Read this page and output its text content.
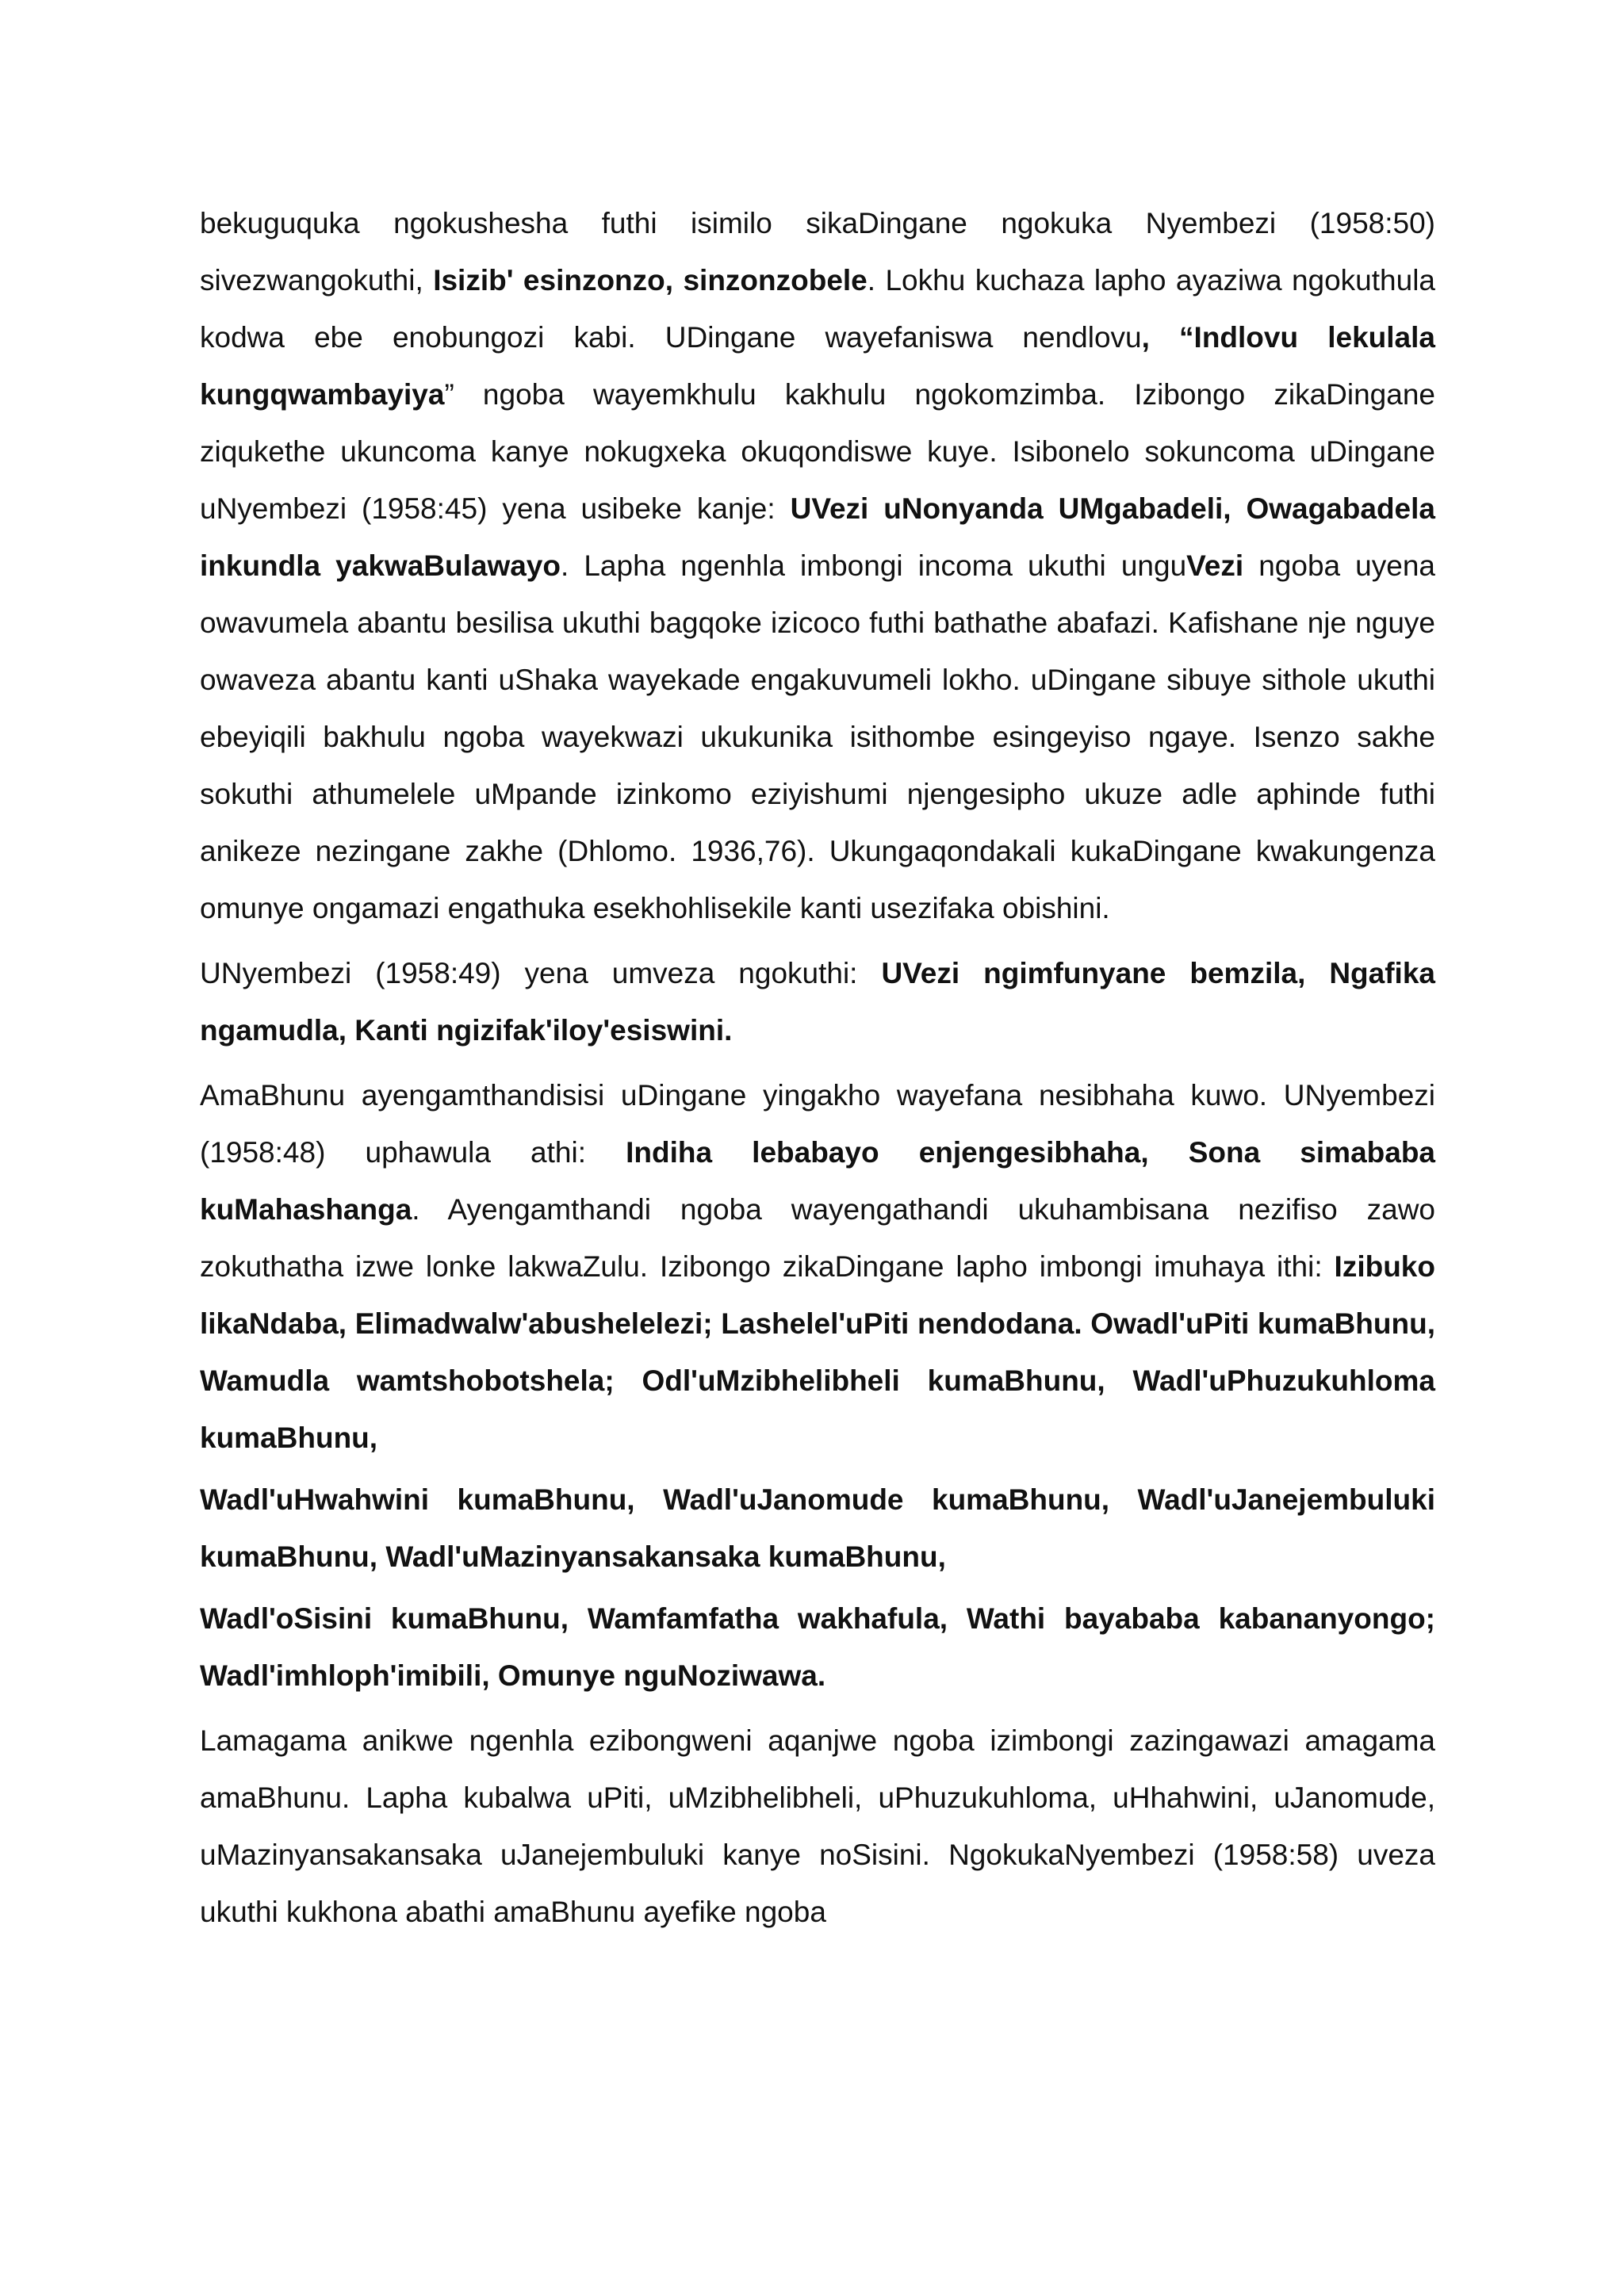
bekuguquka ngokushesha futhi isimilo sikaDingane ngokuka Nyembezi (1958:50) sivezwangokuthi, Isizib' esinzonzo, sinzonzobele. Lokhu kuchaza lapho ayaziwa ngokuthula kodwa ebe enobungozi kabi. UDingane wayefaniswa nendlovu, “Indlovu lekulala kungqwambayiya” ngoba wayemkhulu kakhulu ngokomzimba. Izibongo zikaDingane ziqukethe ukuncoma kanye nokugxeka okuqondiswe kuye. Isibonelo sokuncoma uDingane uNyembezi (1958:45) yena usibeke kanje: UVezi uNonyanda UMgabadeli, Owagabadela inkundla yakwaBulawayo. Lapha ngenhla imbongi incoma ukuthi unguVezi ngoba uyena owavumela abantu besilisa ukuthi bagqoke izicoco futhi bathathe abafazi. Kafishane nje nguye owaveza abantu kanti uShaka wayekade engakuvumeli lokho. uDingane sibuye sithole ukuthi ebeyiqili bakhulu ngoba wayekwazi ukukunika isithombe esingeyiso ngaye. Isenzo sakhe sokuthi athumelele uMpande izinkomo eziyishumi njengesipho ukuze adle aphinde futhi anikeze nezingane zakhe (Dhlomo. 1936,76). Ukungaqondakali kukaDingane kwakungenza omunye ongamazi engathuka esekhohlisekile kanti usezifaka obishini.

UNyembezi (1958:49) yena umveza ngokuthi: UVezi ngimfunyane bemzila, Ngafika ngamudla, Kanti ngizifak'iloy'esiswini.

AmaBhunu ayengamthandisisi uDingane yingakho wayefana nesibhaha kuwo. UNyembezi (1958:48) uphawula athi: Indiha lebabayo enjengesibhaha, Sona simababa kuMahashanga. Ayengamthandi ngoba wayengathandi ukuhambisana nezifiso zawo zokuthatha izwe lonke lakwaZulu. Izibongo zikaDingane lapho imbongi imuhaya ithi: Izibuko likaNdaba, Elimadwalw'abushelelezi; Lashelel'uPiti nendodana. Owadl'uPiti kumaBhunu, Wamudla wamtshobotshela; Odl'uMzibhelibheli kumaBhunu, Wadl'uPhuzukuhloma kumaBhunu,

Wadl'uHwahwini kumaBhunu, Wadl'uJanomude kumaBhunu, Wadl'uJanejembuluki kumaBhunu, Wadl'uMazinyansakansaka kumaBhunu,

Wadl'oSisini kumaBhunu, Wamfamfatha wakhafula, Wathi bayababa kabananyongo; Wadl'imhloph'imibili, Omunye nguNoziwawa.

Lamagama anikwe ngenhla ezibongweni aqanjwe ngoba izimbongi zazingawazi amagama amaBhunu. Lapha kubalwa uPiti, uMzibhelibheli, uPhuzukuhloma, uHhahwini, uJanomude, uMazinyansakansaka uJanejembuluki kanye noSisini. NgokukaNyembezi (1958:58) uveza ukuthi kukhona abathi amaBhunu ayefike ngoba
